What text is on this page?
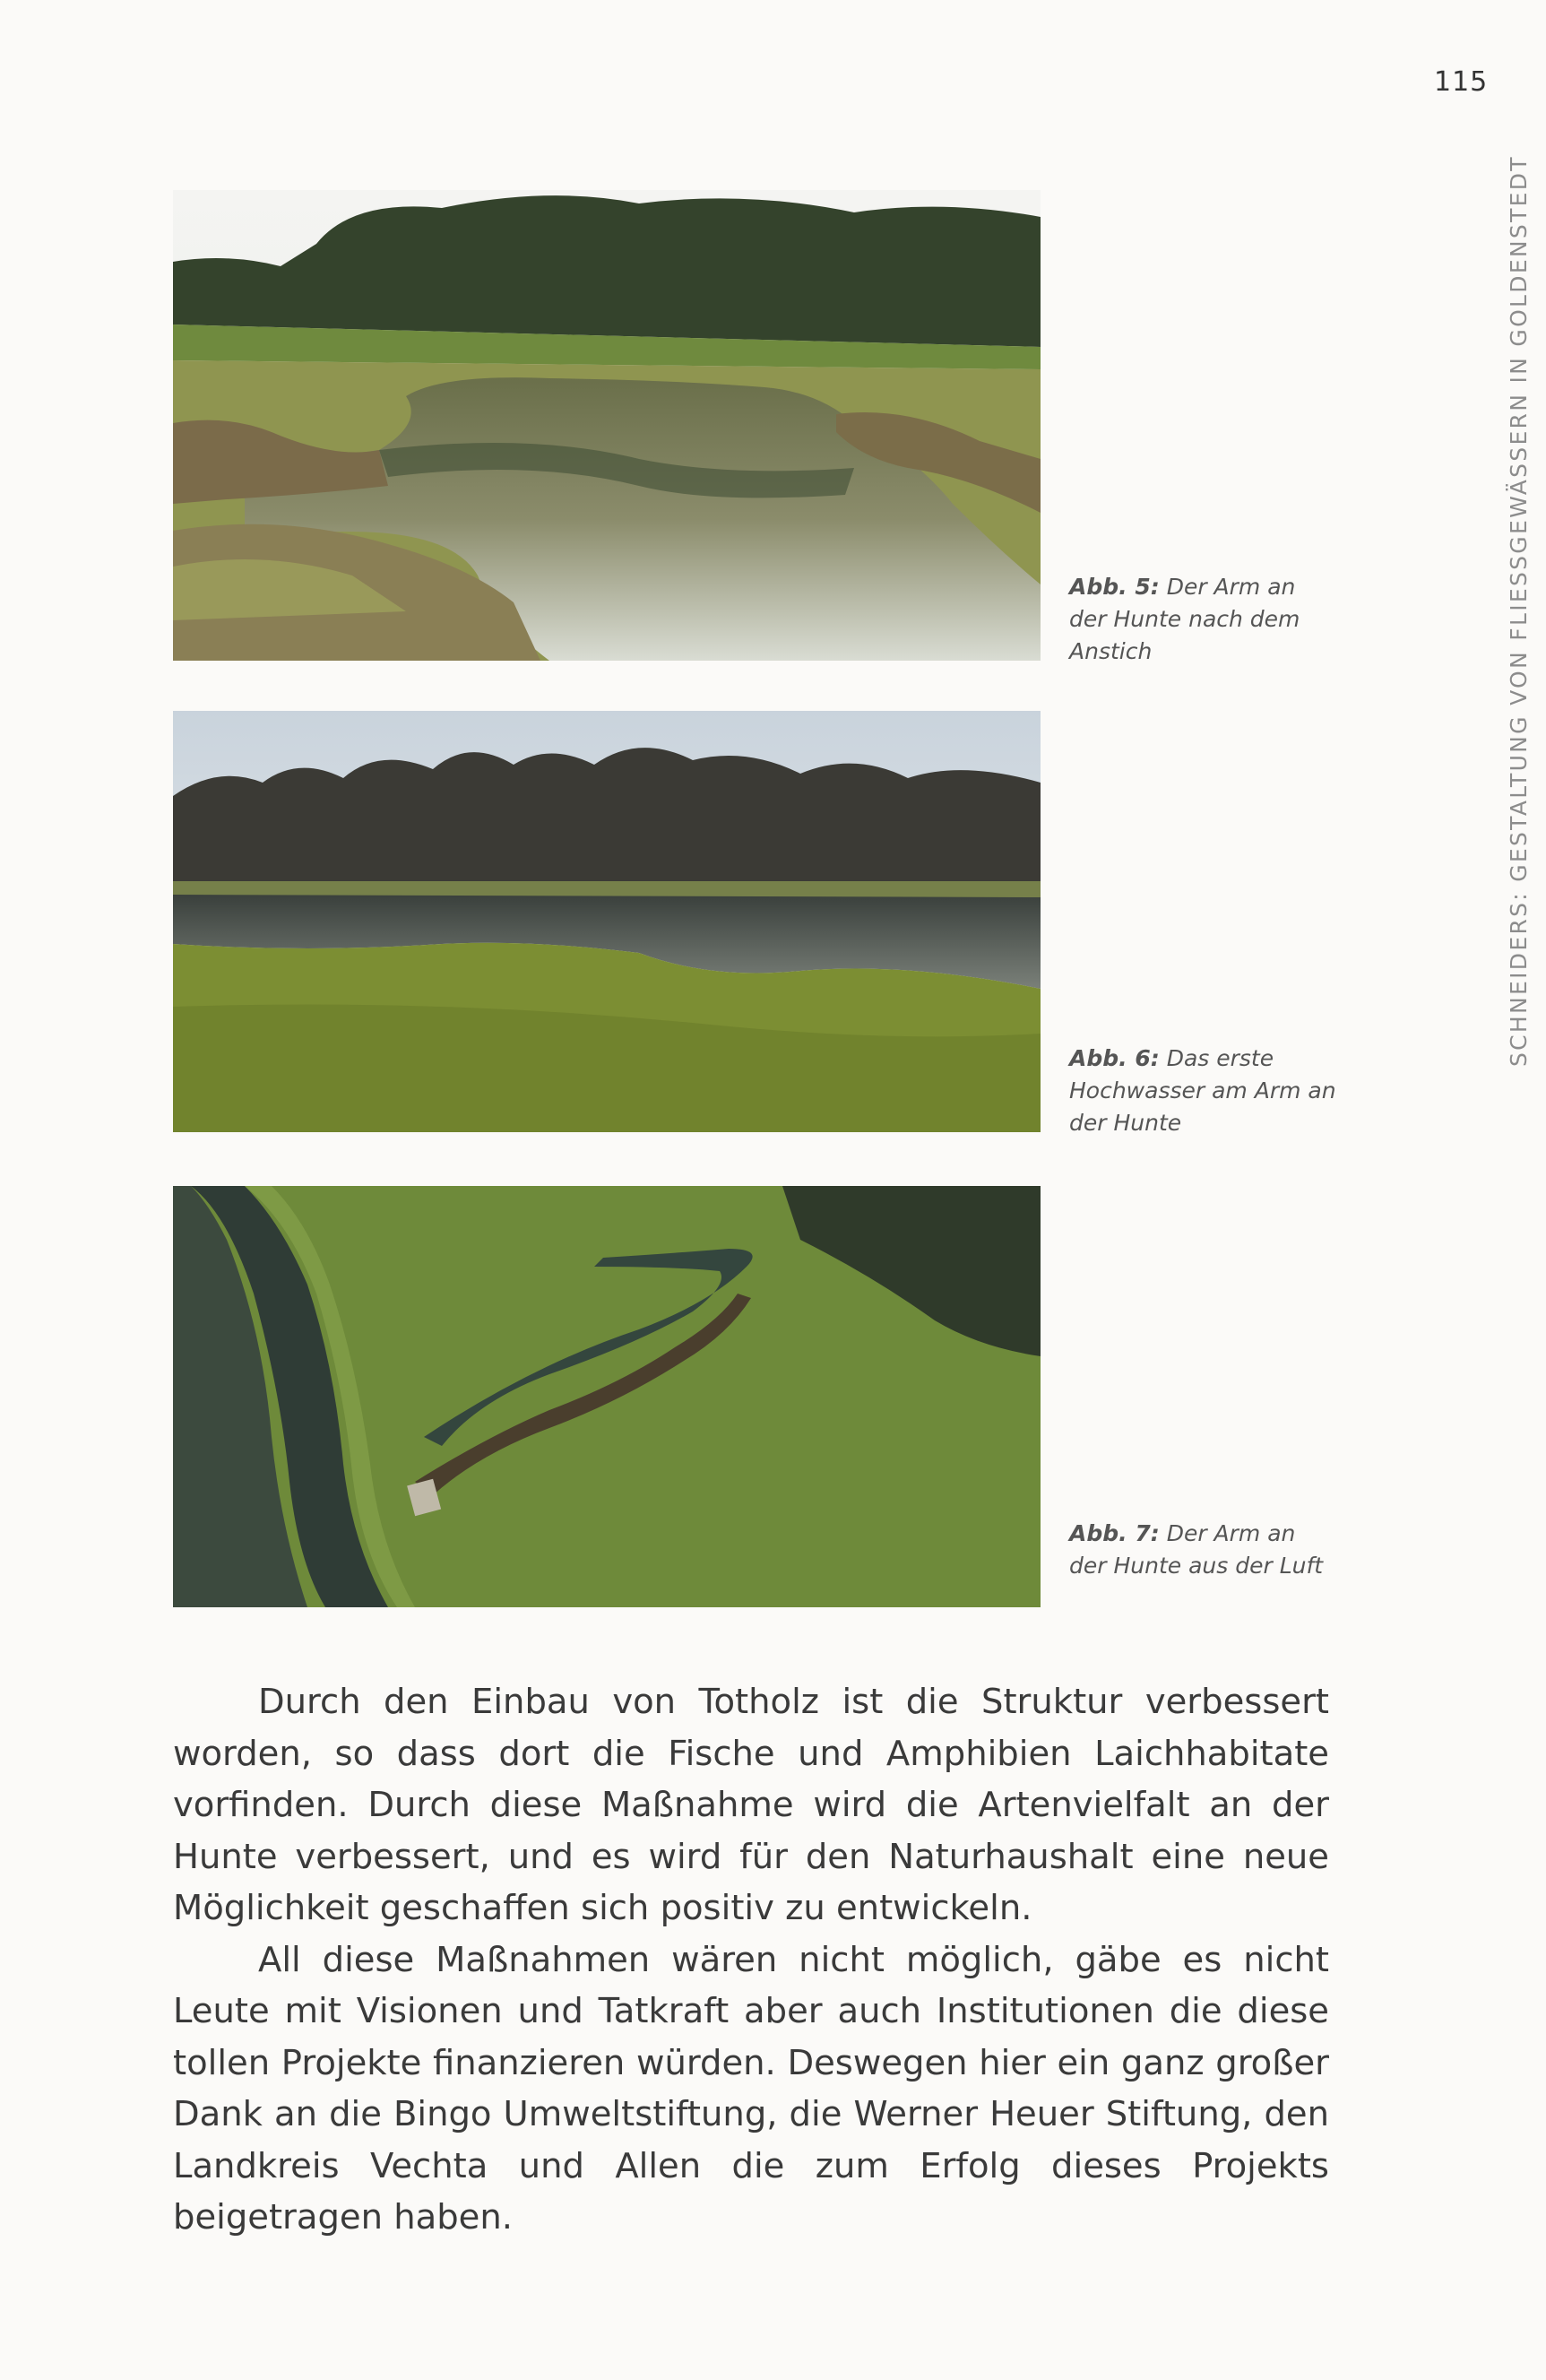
115
SCHNEIDERS: GESTALTUNG VON FLIESSGEWÄSSERN IN GOLDENSTEDT
Abb. 5: Der Arm an der Hunte nach dem Anstich
Abb. 6: Das erste Hochwasser am Arm an der Hunte
Abb. 7: Der Arm an der Hunte aus der Luft

Durch den Einbau von Totholz ist die Struktur verbessert worden, so dass dort die Fische und Amphibien Laichhabitate vorfinden. Durch diese Maßnahme wird die Artenvielfalt an der Hunte verbessert, und es wird für den Naturhaushalt eine neue Möglichkeit geschaffen sich positiv zu entwickeln.

All diese Maßnahmen wären nicht möglich, gäbe es nicht Leute mit Visionen und Tatkraft aber auch Institutionen die diese tollen Projekte finanzieren würden. Deswegen hier ein ganz großer Dank an die Bingo Umweltstiftung, die Werner Heuer Stiftung, den Landkreis Vechta und Allen die zum Erfolg dieses Projekts beigetragen haben.
